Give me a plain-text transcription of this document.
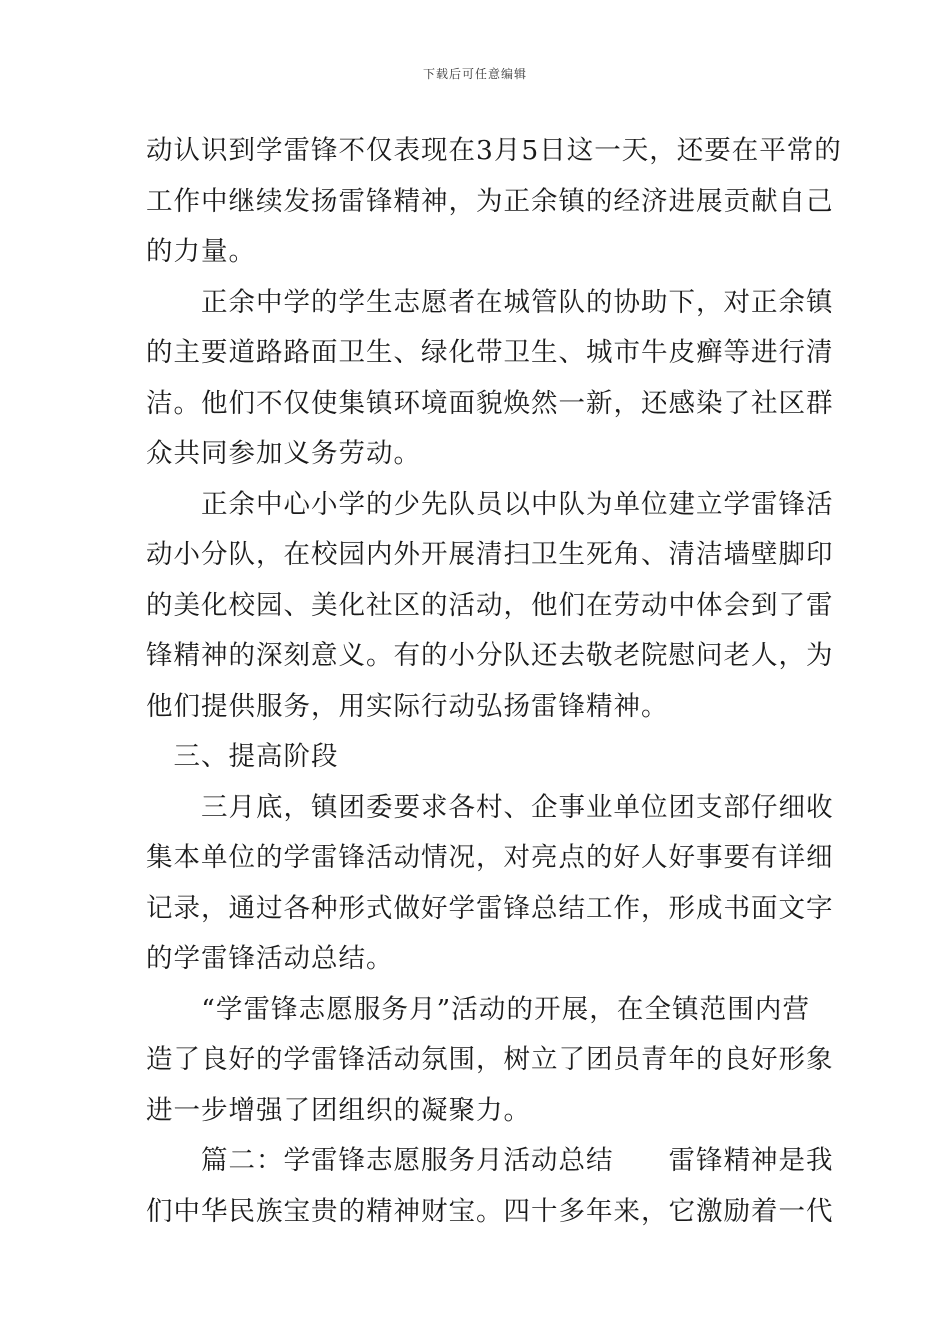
下载后可任意编辑
动认识到学雷锋不仅表现在3月5日这一天，还要在平常的
工作中继续发扬雷锋精神，为正余镇的经济进展贡献自己
的力量。
　　正余中学的学生志愿者在城管队的协助下，对正余镇
的主要道路路面卫生、绿化带卫生、城市牛皮癣等进行清
洁。他们不仅使集镇环境面貌焕然一新，还感染了社区群
众共同参加义务劳动。
　　正余中心小学的少先队员以中队为单位建立学雷锋活
动小分队，在校园内外开展清扫卫生死角、清洁墙壁脚印
的美化校园、美化社区的活动，他们在劳动中体会到了雷
锋精神的深刻意义。有的小分队还去敬老院慰问老人，为
他们提供服务，用实际行动弘扬雷锋精神。
　三、提高阶段
　　三月底，镇团委要求各村、企事业单位团支部仔细收
集本单位的学雷锋活动情况，对亮点的好人好事要有详细
记录，通过各种形式做好学雷锋总结工作，形成书面文字
的学雷锋活动总结。
　　“学雷锋志愿服务月”活动的开展，在全镇范围内营
造了良好的学雷锋活动氛围，树立了团员青年的良好形象
进一步增强了团组织的凝聚力。
　　篇二：学雷锋志愿服务月活动总结　　雷锋精神是我
们中华民族宝贵的精神财宝。四十多年来，它激励着一代
